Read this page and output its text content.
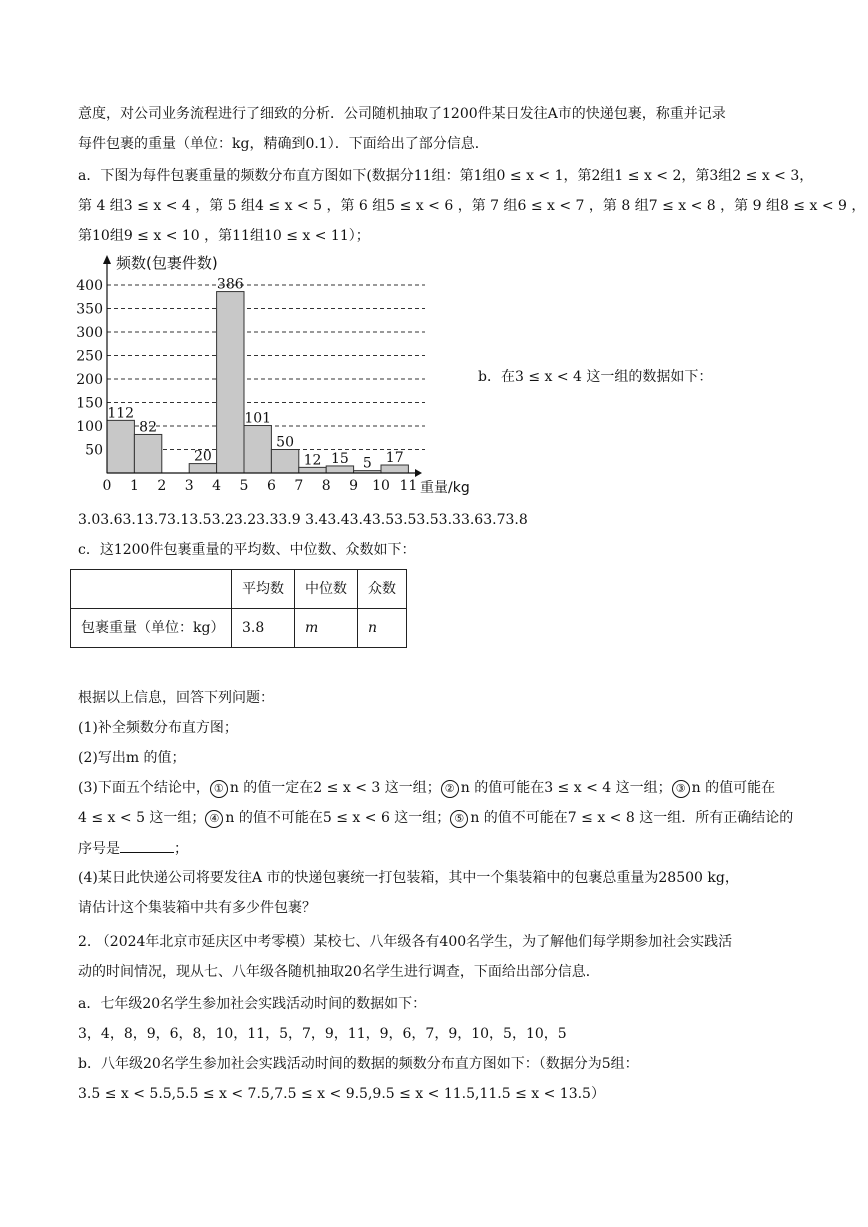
意度，对公司业务流程进行了细致的分析．公司随机抽取了1200件某日发往A市的快递包裹，称重并记录
每件包裹的重量（单位：kg，精确到0.1）．下面给出了部分信息．
a．下图为每件包裹重量的频数分布直方图如下(数据分11组：第1组0 ≤ x < 1，第2组1 ≤ x < 2，第3组2 ≤ x < 3，
第 4 组3 ≤ x < 4 ，第 5 组4 ≤ x < 5 ，第 6 组5 ≤ x < 6 ，第 7 组6 ≤ x < 7 ，第 8 组7 ≤ x < 8 ，第 9 组8 ≤ x < 9 ，
第10组9 ≤ x < 10 ，第11组10 ≤ x < 11）；
50
100
150
200
250
300
350
400
112
82
20
386
101
50
12 15 5 17
0 1 2 3 4 5 6 7 8 9 10 11
频数(包裹件数)
重量/kg
b．在3 ≤ x < 4 这一组的数据如下：
3.03.63.13.73.13.53.23.23.33.9 3.43.43.43.53.53.53.33.63.73.8
c．这1200件包裹重量的平均数、中位数、众数如下：
	平均数	中位数	众数
包裹重量（单位：kg）	3.8	m	n
根据以上信息，回答下列问题：
(1)补全频数分布直方图；
(2)写出m 的值；
(3)下面五个结论中， ① n 的值一定在2 ≤ x < 3 这一组； ② n 的值可能在3 ≤ x < 4 这一组； ③ n 的值可能在
4 ≤ x < 5 这一组； ④ n 的值不可能在5 ≤ x < 6 这一组； ⑤ n 的值不可能在7 ≤ x < 8 这一组．所有正确结论的
序号是	；
(4)某日此快递公司将要发往A 市的快递包裹统一打包装箱，其中一个集装箱中的包裹总重量为28500 kg，
请估计这个集装箱中共有多少件包裹？
2. （2024年北京市延庆区中考零模）某校七、八年级各有400名学生，为了解他们每学期参加社会实践活
动的时间情况，现从七、八年级各随机抽取20名学生进行调查，下面给出部分信息．
a．七年级20名学生参加社会实践活动时间的数据如下：
3，4，8，9，6，8，10，11，5，7，9，11，9，6，7，9，10，5，10，5
b．八年级20名学生参加社会实践活动时间的数据的频数分布直方图如下：（数据分为5组：
3.5 ≤ x < 5.5,5.5 ≤ x < 7.5,7.5 ≤ x < 9.5,9.5 ≤ x < 11.5,11.5 ≤ x < 13.5）
